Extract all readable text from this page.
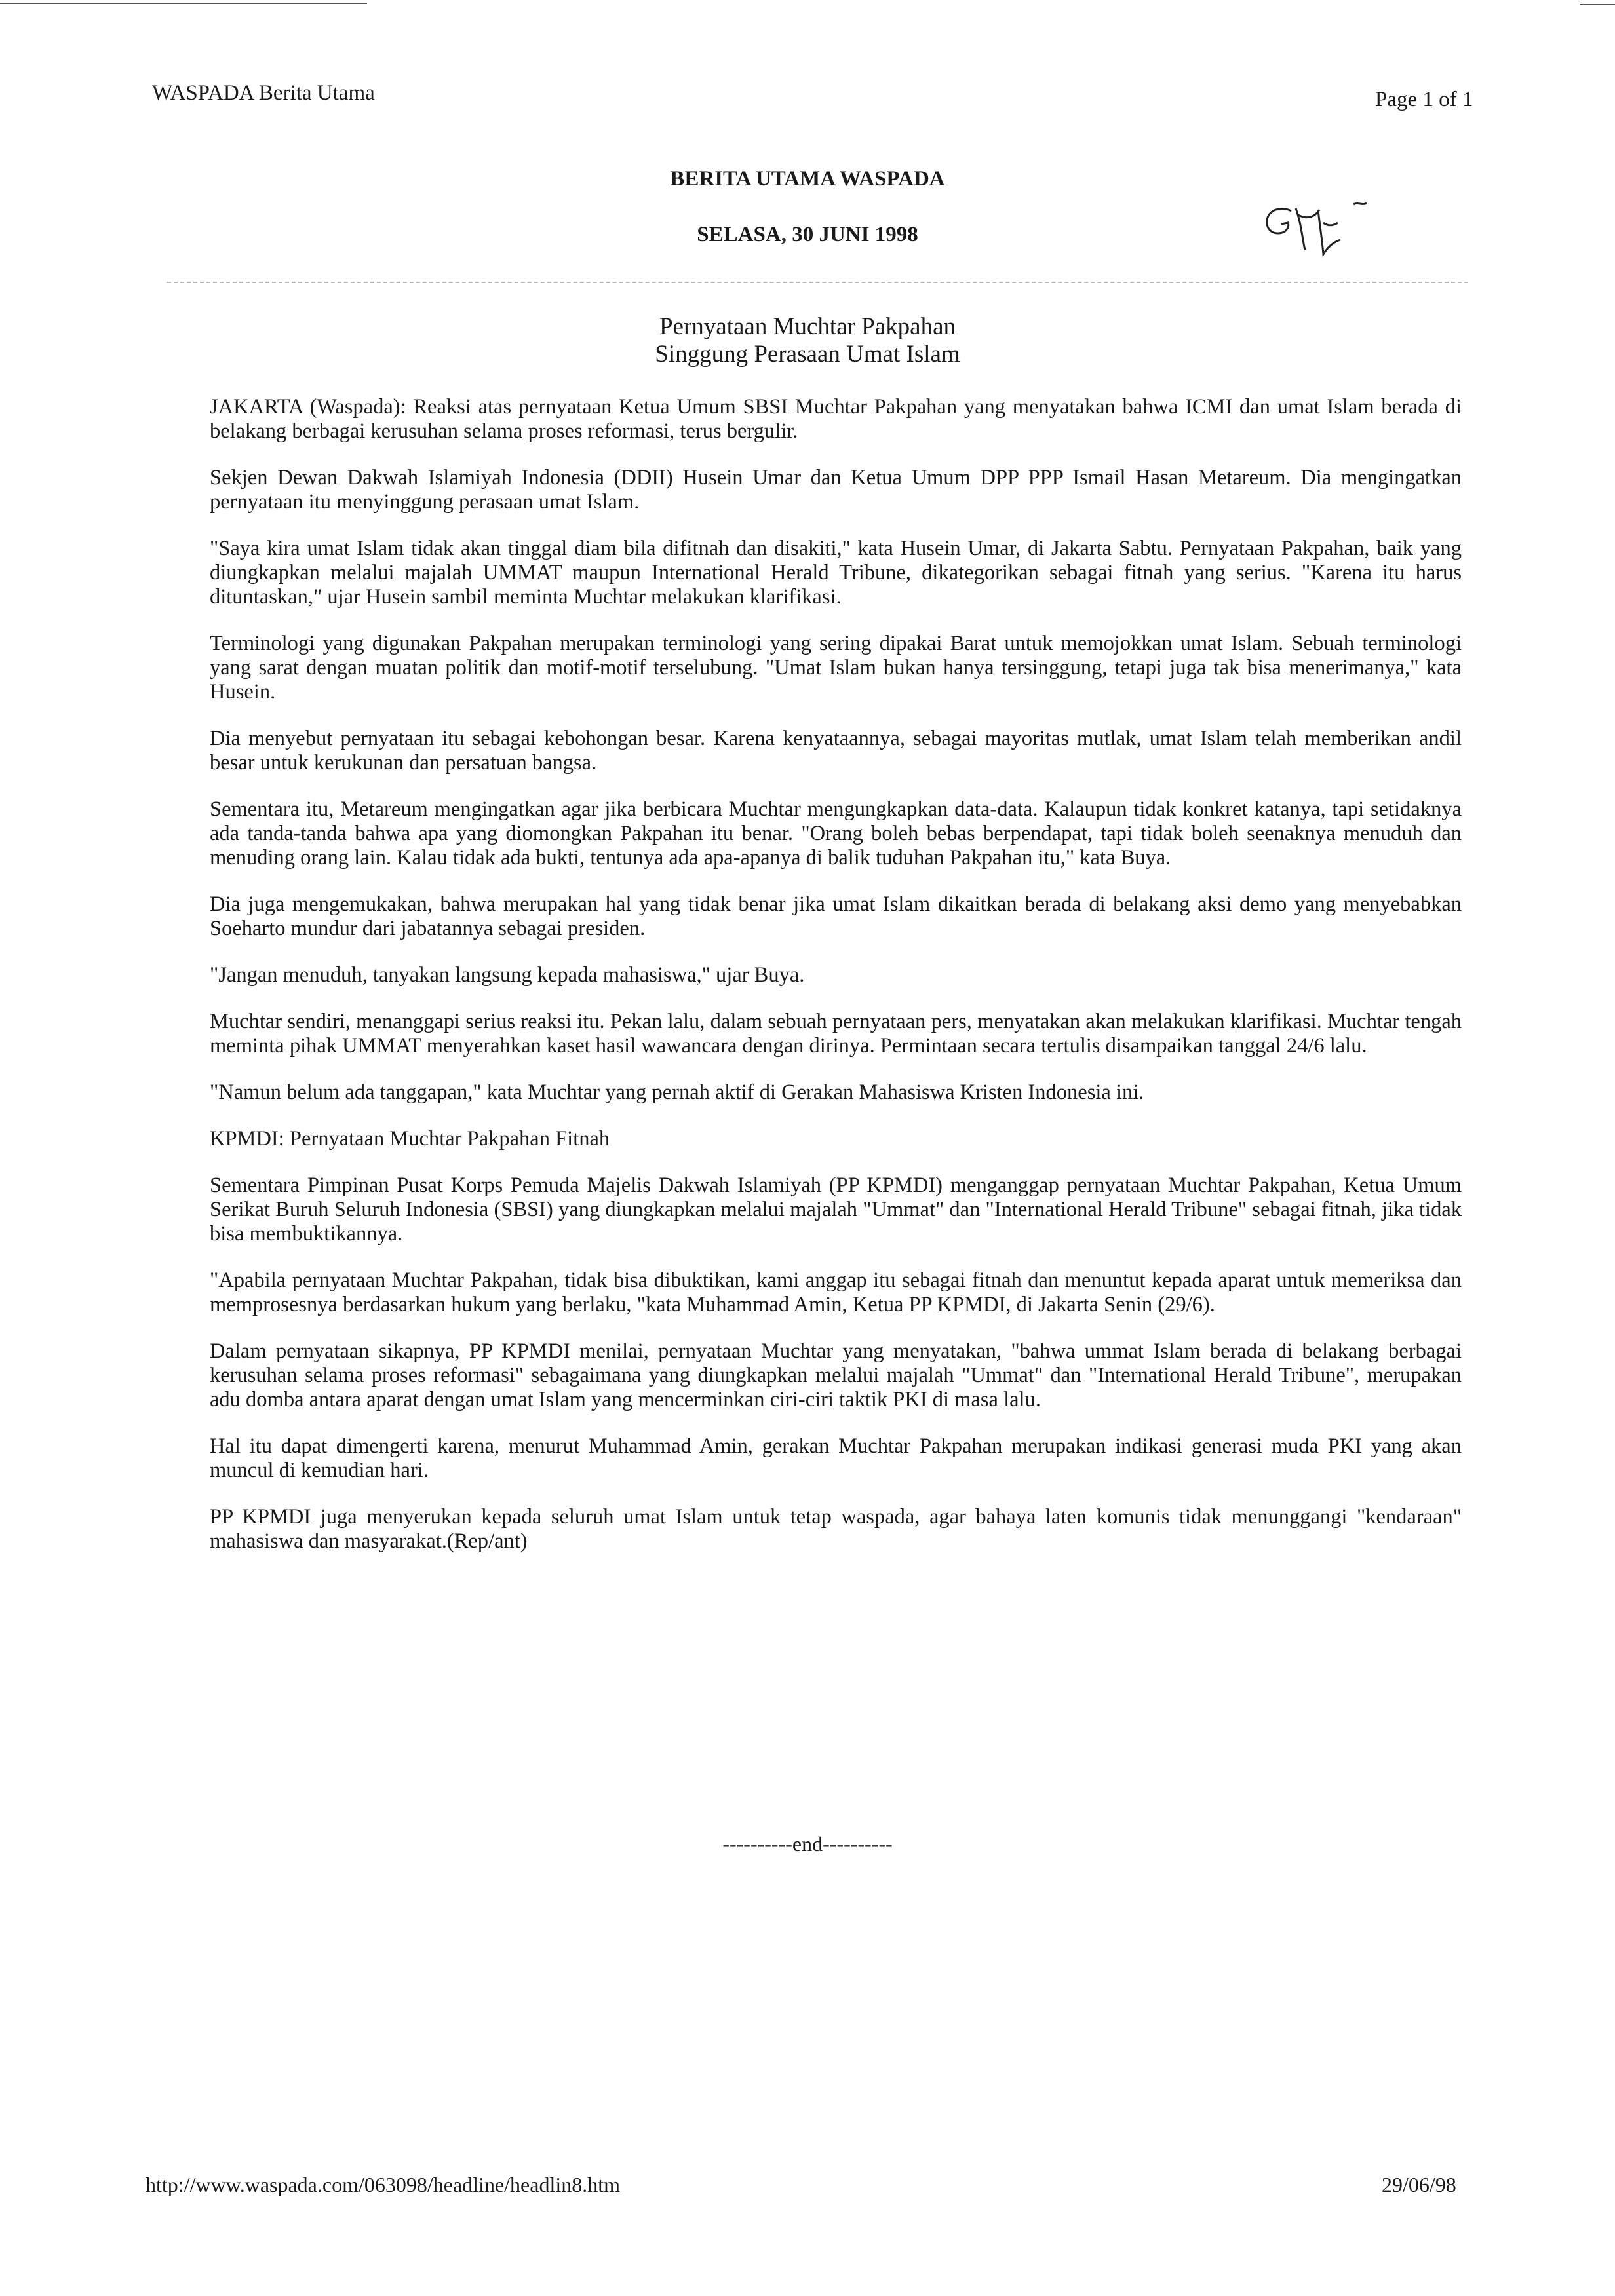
WASPADA Berita Utama	Page 1 of 1
BERITA UTAMA WASPADA
SELASA, 30 JUNI 1998
Pernyataan Muchtar Pakpahan
Singgung Perasaan Umat Islam

JAKARTA (Waspada): Reaksi atas pernyataan Ketua Umum SBSI Muchtar Pakpahan yang menyatakan bahwa ICMI dan umat Islam berada di belakang berbagai kerusuhan selama proses reformasi, terus bergulir.

Sekjen Dewan Dakwah Islamiyah Indonesia (DDII) Husein Umar dan Ketua Umum DPP PPP Ismail Hasan Metareum. Dia mengingatkan pernyataan itu menyinggung perasaan umat Islam.

"Saya kira umat Islam tidak akan tinggal diam bila difitnah dan disakiti," kata Husein Umar, di Jakarta Sabtu. Pernyataan Pakpahan, baik yang diungkapkan melalui majalah UMMAT maupun International Herald Tribune, dikategorikan sebagai fitnah yang serius. "Karena itu harus dituntaskan," ujar Husein sambil meminta Muchtar melakukan klarifikasi.

Terminologi yang digunakan Pakpahan merupakan terminologi yang sering dipakai Barat untuk memojokkan umat Islam. Sebuah terminologi yang sarat dengan muatan politik dan motif-motif terselubung. "Umat Islam bukan hanya tersinggung, tetapi juga tak bisa menerimanya," kata Husein.

Dia menyebut pernyataan itu sebagai kebohongan besar. Karena kenyataannya, sebagai mayoritas mutlak, umat Islam telah memberikan andil besar untuk kerukunan dan persatuan bangsa.

Sementara itu, Metareum mengingatkan agar jika berbicara Muchtar mengungkapkan data-data. Kalaupun tidak konkret katanya, tapi setidaknya ada tanda-tanda bahwa apa yang diomongkan Pakpahan itu benar. "Orang boleh bebas berpendapat, tapi tidak boleh seenaknya menuduh dan menuding orang lain. Kalau tidak ada bukti, tentunya ada apa-apanya di balik tuduhan Pakpahan itu," kata Buya.

Dia juga mengemukakan, bahwa merupakan hal yang tidak benar jika umat Islam dikaitkan berada di belakang aksi demo yang menyebabkan Soeharto mundur dari jabatannya sebagai presiden.

"Jangan menuduh, tanyakan langsung kepada mahasiswa," ujar Buya.

Muchtar sendiri, menanggapi serius reaksi itu. Pekan lalu, dalam sebuah pernyataan pers, menyatakan akan melakukan klarifikasi. Muchtar tengah meminta pihak UMMAT menyerahkan kaset hasil wawancara dengan dirinya. Permintaan secara tertulis disampaikan tanggal 24/6 lalu.

"Namun belum ada tanggapan," kata Muchtar yang pernah aktif di Gerakan Mahasiswa Kristen Indonesia ini.

KPMDI: Pernyataan Muchtar Pakpahan Fitnah

Sementara Pimpinan Pusat Korps Pemuda Majelis Dakwah Islamiyah (PP KPMDI) menganggap pernyataan Muchtar Pakpahan, Ketua Umum Serikat Buruh Seluruh Indonesia (SBSI) yang diungkapkan melalui majalah "Ummat" dan "International Herald Tribune" sebagai fitnah, jika tidak bisa membuktikannya.

"Apabila pernyataan Muchtar Pakpahan, tidak bisa dibuktikan, kami anggap itu sebagai fitnah dan menuntut kepada aparat untuk memeriksa dan memprosesnya berdasarkan hukum yang berlaku, "kata Muhammad Amin, Ketua PP KPMDI, di Jakarta Senin (29/6).

Dalam pernyataan sikapnya, PP KPMDI menilai, pernyataan Muchtar yang menyatakan, "bahwa ummat Islam berada di belakang berbagai kerusuhan selama proses reformasi" sebagaimana yang diungkapkan melalui majalah "Ummat" dan "International Herald Tribune", merupakan adu domba antara aparat dengan umat Islam yang mencerminkan ciri-ciri taktik PKI di masa lalu.

Hal itu dapat dimengerti karena, menurut Muhammad Amin, gerakan Muchtar Pakpahan merupakan indikasi generasi muda PKI yang akan muncul di kemudian hari.

PP KPMDI juga menyerukan kepada seluruh umat Islam untuk tetap waspada, agar bahaya laten komunis tidak menunggangi "kendaraan" mahasiswa dan masyarakat.(Rep/ant)

----------end----------
http://www.waspada.com/063098/headline/headlin8.htm	29/06/98
